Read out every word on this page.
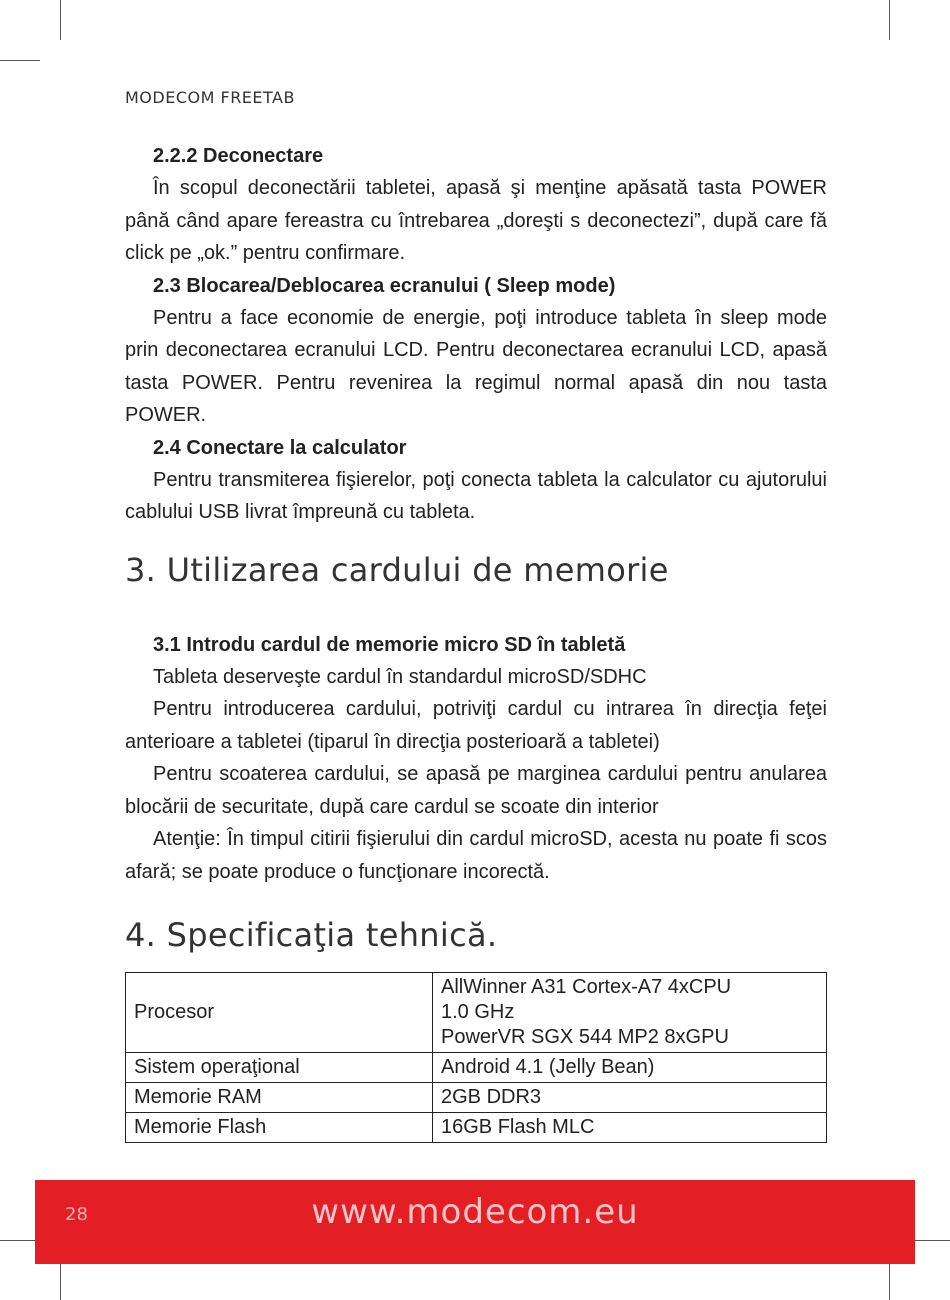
MODECOM FREETAB

2.2.2 Deconectare

În scopul deconectării tabletei, apasă şi menţine apăsată tasta POWER până când apare fereastra cu întrebarea „doreşti s deconectezi”, după care fă click pe „ok.” pentru confirmare.

2.3 Blocarea/Deblocarea ecranului ( Sleep mode)

Pentru a face economie de energie, poţi introduce tableta în sleep mode prin deconectarea ecranului LCD. Pentru deconectarea ecranului LCD, apasă tasta POWER. Pentru revenirea la regimul normal apasă din nou tasta POWER.

2.4 Conectare la calculator

Pentru transmiterea fişierelor, poţi conecta tableta la calculator cu ajutorului cablului USB livrat împreună cu tableta.

3. Utilizarea cardului de memorie

3.1 Introdu cardul de memorie micro SD în tabletă

Tableta deserveşte cardul în standardul microSD/SDHC

Pentru introducerea cardului, potriviţi cardul cu intrarea în direcţia feţei anterioare a tabletei (tiparul în direcţia posterioară a tabletei)

Pentru scoaterea cardului, se apasă pe marginea cardului pentru anularea blocării de securitate, după care cardul se scoate din interior

Atenţie: În timpul citirii fişierului din cardul microSD, acesta nu poate fi scos afară; se poate produce o funcţionare incorectă.

4. Specificaţia tehnică.
Procesor	AllWinner A31 Cortex-A7 4xCPU
1.0 GHz
PowerVR SGX 544 MP2 8xGPU

Sistem operaţional	Android 4.1 (Jelly Bean)

Memorie RAM	2GB DDR3

Memorie Flash	16GB Flash MLC
28	www.modecom.eu
